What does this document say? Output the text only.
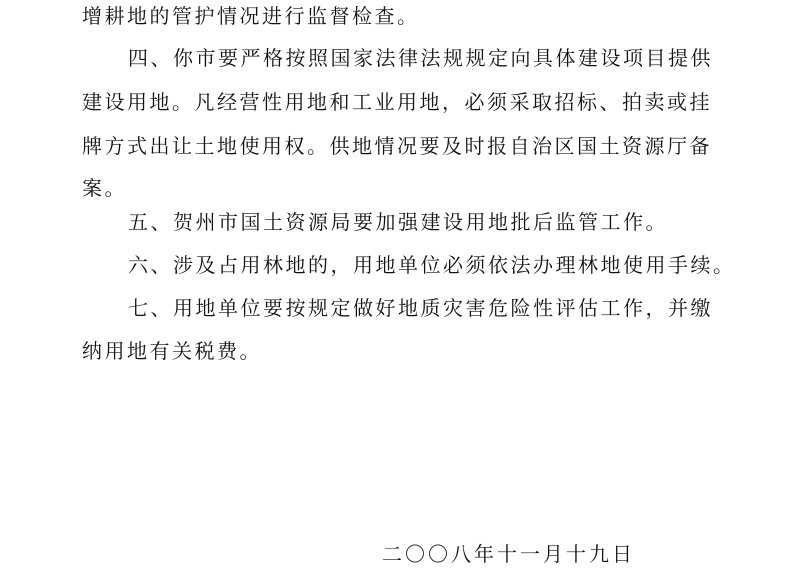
增耕地的管护情况进行监督检查。

四、你市要严格按照国家法律法规规定向具体建设项目提供

建设用地。凡经营性用地和工业用地，必须采取招标、拍卖或挂

牌方式出让土地使用权。供地情况要及时报自治区国土资源厅备

案。

五、贺州市国土资源局要加强建设用地批后监管工作。

六、涉及占用林地的，用地单位必须依法办理林地使用手续。

七、用地单位要按规定做好地质灾害危险性评估工作，并缴

纳用地有关税费。

二〇〇八年十一月十九日
